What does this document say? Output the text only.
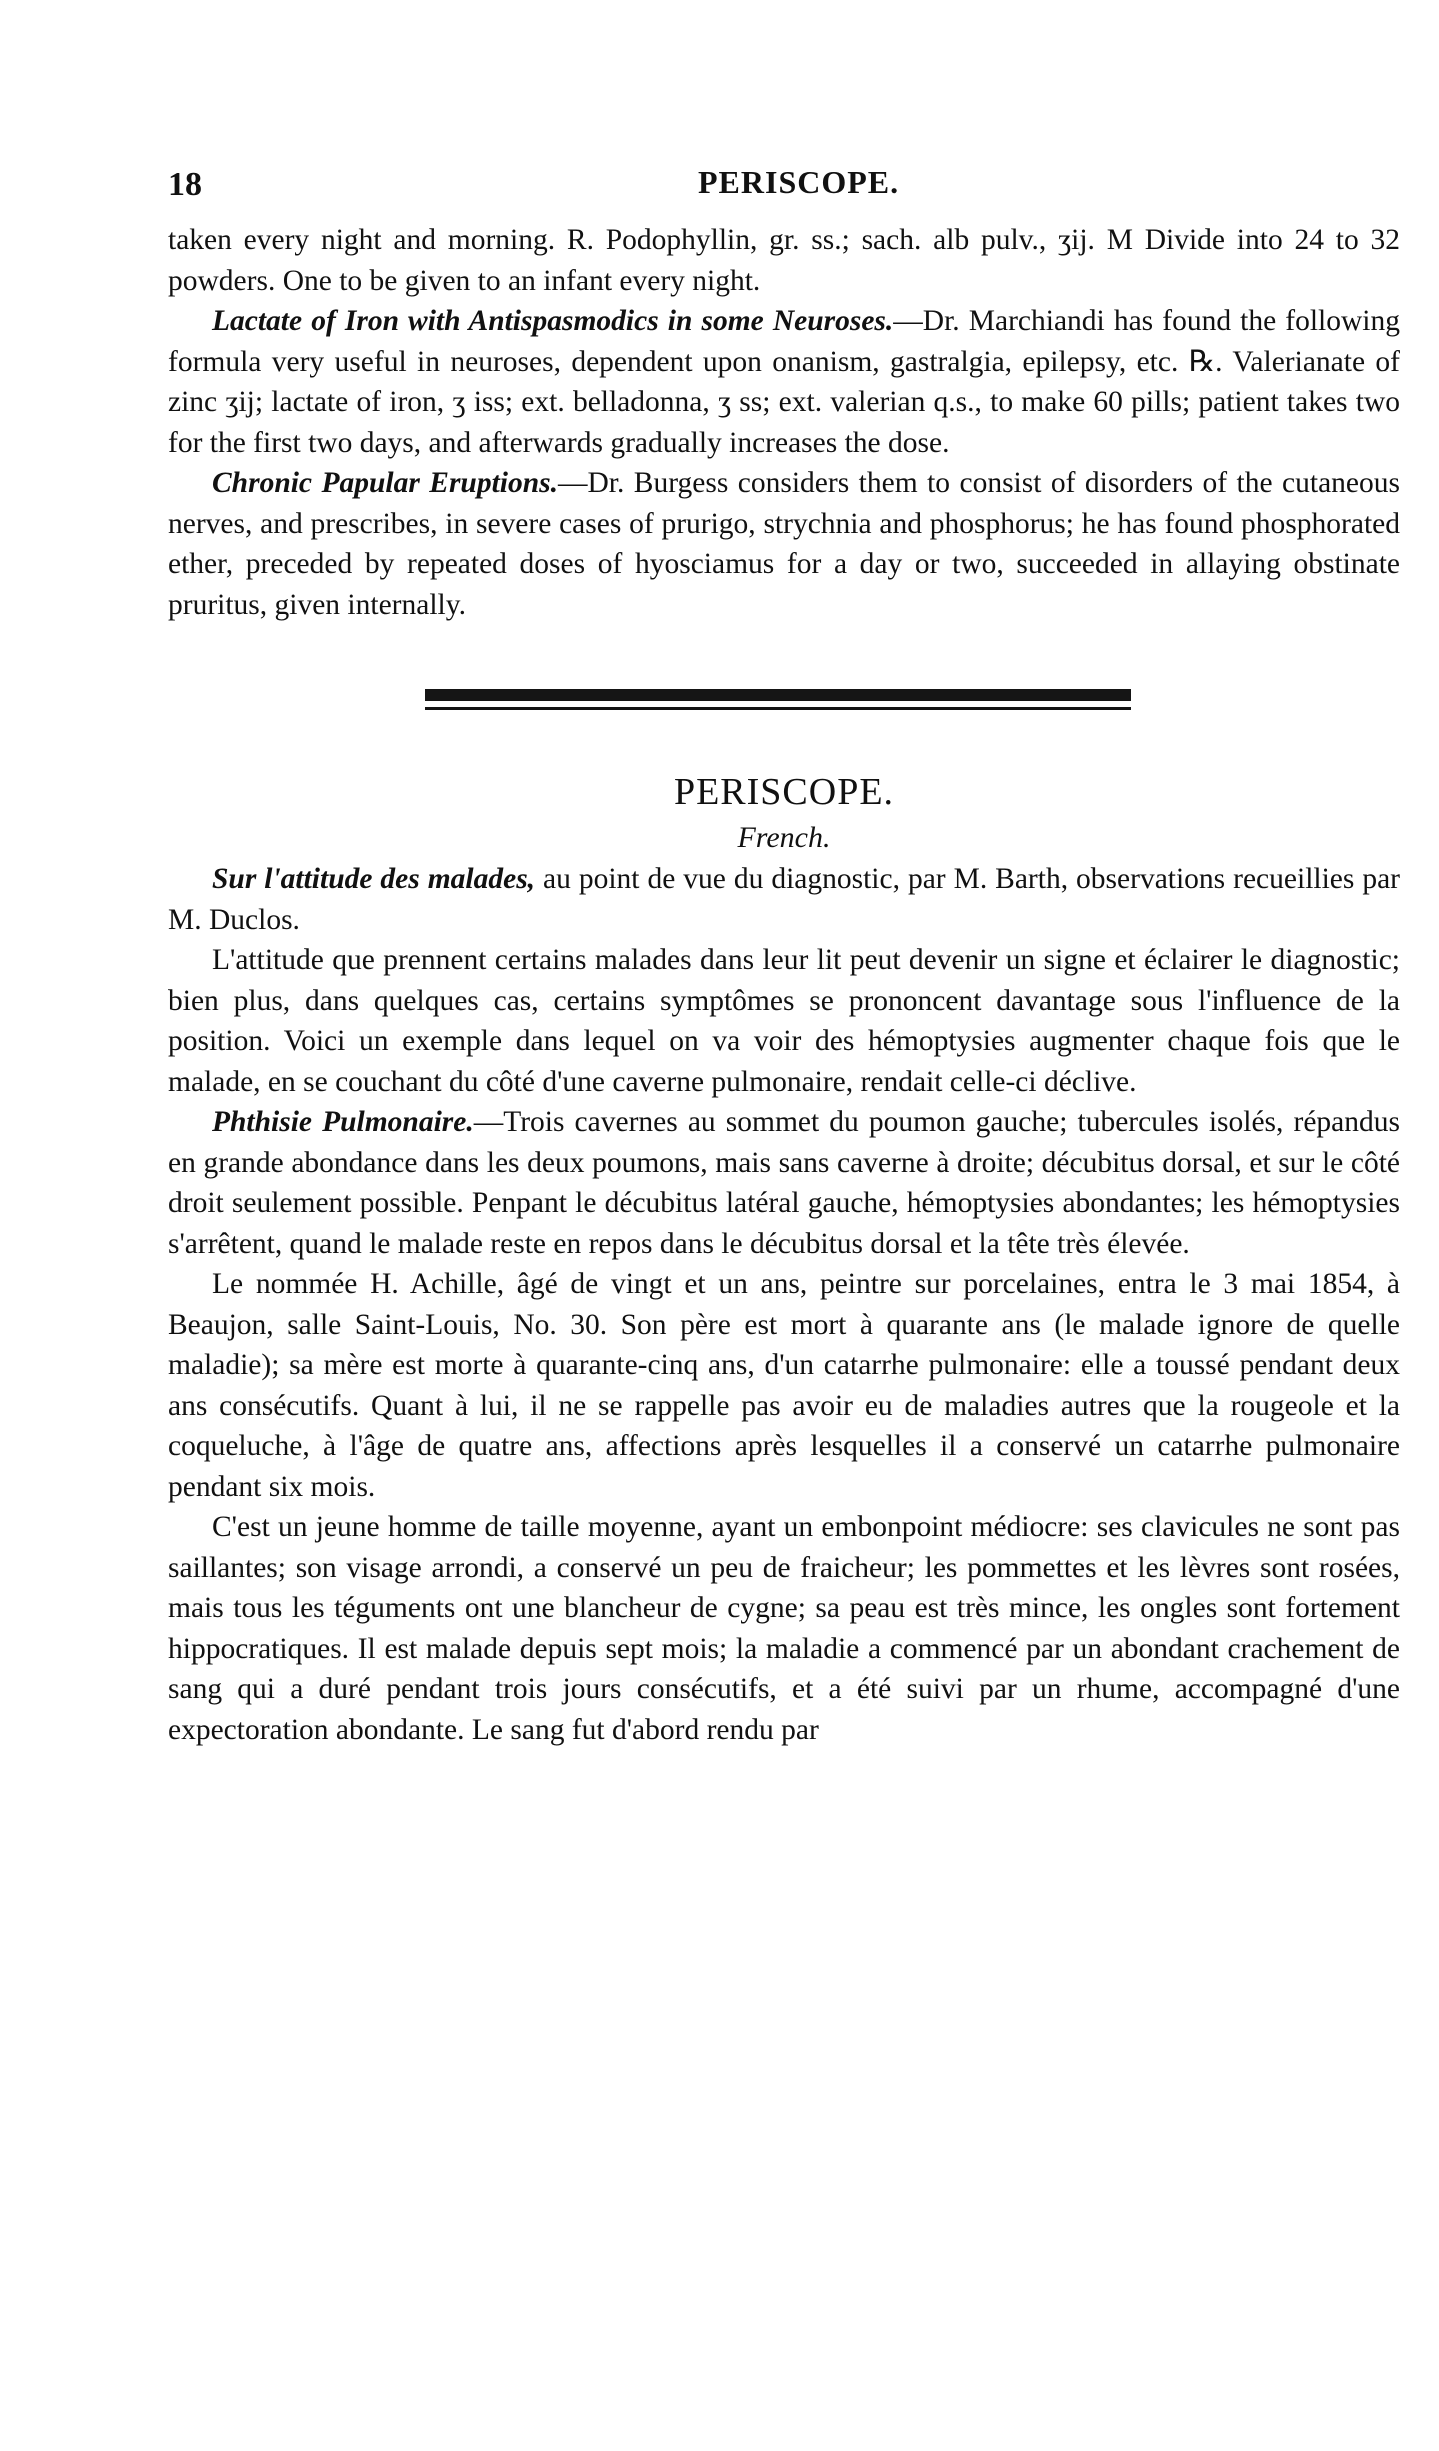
18	PERISCOPE.

taken every night and morning. R. Podophyllin, gr. ss.; sach. alb pulv., ʒij. M Divide into 24 to 32 powders. One to be given to an infant every night.

Lactate of Iron with Antispasmodics in some Neuroses.—Dr. Marchiandi has found the following formula very useful in neuroses, dependent upon onanism, gastralgia, epilepsy, etc. ℞. Valerianate of zinc ʒij; lactate of iron, ʒ iss; ext. belladonna, ʒ ss; ext. valerian q.s., to make 60 pills; patient takes two for the first two days, and afterwards gradually increases the dose.

Chronic Papular Eruptions.—Dr. Burgess considers them to consist of disorders of the cutaneous nerves, and prescribes, in severe cases of prurigo, strychnia and phosphorus; he has found phosphorated ether, preceded by repeated doses of hyosciamus for a day or two, succeeded in allaying obstinate pruritus, given internally.

PERISCOPE.
French.

Sur l'attitude des malades, au point de vue du diagnostic, par M. Barth, observations recueillies par M. Duclos.

L'attitude que prennent certains malades dans leur lit peut devenir un signe et éclairer le diagnostic; bien plus, dans quelques cas, certains symptômes se prononcent davantage sous l'influence de la position. Voici un exemple dans lequel on va voir des hémoptysies augmenter chaque fois que le malade, en se couchant du côté d'une caverne pulmonaire, rendait celle-ci déclive.

Phthisie Pulmonaire.—Trois cavernes au sommet du poumon gauche; tubercules isolés, répandus en grande abondance dans les deux poumons, mais sans caverne à droite; décubitus dorsal, et sur le côté droit seulement possible. Penpant le décubitus latéral gauche, hémoptysies abondantes; les hémoptysies s'arrêtent, quand le malade reste en repos dans le décubitus dorsal et la tête très élevée.

Le nommée H. Achille, âgé de vingt et un ans, peintre sur porcelaines, entra le 3 mai 1854, à Beaujon, salle Saint-Louis, No. 30. Son père est mort à quarante ans (le malade ignore de quelle maladie); sa mère est morte à quarante-cinq ans, d'un catarrhe pulmonaire: elle a toussé pendant deux ans consécutifs. Quant à lui, il ne se rappelle pas avoir eu de maladies autres que la rougeole et la coqueluche, à l'âge de quatre ans, affections après lesquelles il a conservé un catarrhe pulmonaire pendant six mois.

C'est un jeune homme de taille moyenne, ayant un embonpoint médiocre: ses clavicules ne sont pas saillantes; son visage arrondi, a conservé un peu de fraicheur; les pommettes et les lèvres sont rosées, mais tous les téguments ont une blancheur de cygne; sa peau est très mince, les ongles sont fortement hippocratiques. Il est malade depuis sept mois; la maladie a commencé par un abondant crachement de sang qui a duré pendant trois jours consécutifs, et a été suivi par un rhume, accompagné d'une expectoration abondante. Le sang fut d'abord rendu par
